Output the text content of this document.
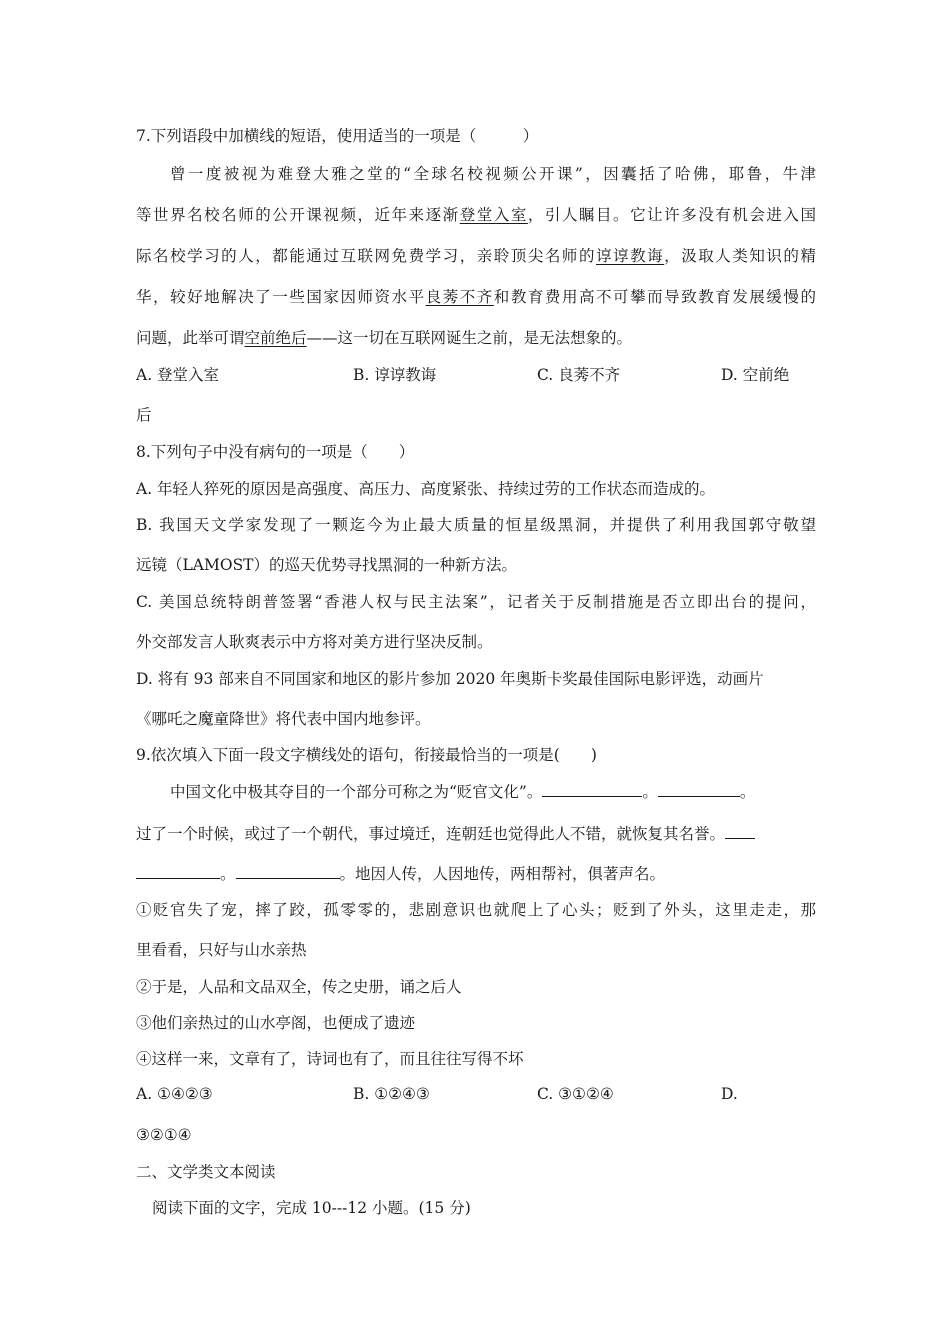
7.下列语段中加横线的短语，使用适当的一项是（　　　）
曾一度被视为难登大雅之堂的“全球名校视频公开课”，因囊括了哈佛，耶鲁，牛津
等世界名校名师的公开课视频，近年来逐渐登堂入室，引人瞩目。它让许多没有机会进入国
际名校学习的人，都能通过互联网免费学习，亲聆顶尖名师的谆谆教诲，汲取人类知识的精
华，较好地解决了一些国家因师资水平良莠不齐和教育费用高不可攀而导致教育发展缓慢的
问题，此举可谓空前绝后——这一切在互联网诞生之前，是无法想象的。
A. 登堂入室	B. 谆谆教诲	C. 良莠不齐	D. 空前绝
后
8.下列句子中没有病句的一项是（　　）
A. 年轻人猝死的原因是高强度、高压力、高度紧张、持续过劳的工作状态而造成的。
B. 我国天文学家发现了一颗迄今为止最大质量的恒星级黑洞，并提供了利用我国郭守敬望
远镜（LAMOST）的巡天优势寻找黑洞的一种新方法。
C. 美国总统特朗普签署“香港人权与民主法案”，记者关于反制措施是否立即出台的提问，
外交部发言人耿爽表示中方将对美方进行坚决反制。
D. 将有 93 部来自不同国家和地区的影片参加 2020 年奥斯卡奖最佳国际电影评选，动画片
《哪吒之魔童降世》将代表中国内地参评。
9.依次填入下面一段文字横线处的语句，衔接最恰当的一项是(　　)
中国文化中极其夺目的一个部分可称之为“贬官文化”。	。	。
过了一个时候，或过了一个朝代，事过境迁，连朝廷也觉得此人不错，就恢复其名誉。
。	。地因人传，人因地传，两相帮衬，俱著声名。
①贬官失了宠，摔了跤，孤零零的，悲剧意识也就爬上了心头；贬到了外头，这里走走，那
里看看，只好与山水亲热
②于是，人品和文品双全，传之史册，诵之后人
③他们亲热过的山水亭阁，也便成了遗迹
④这样一来，文章有了，诗词也有了，而且往往写得不坏
A. ①④②③	B. ①②④③	C. ③①②④	D.
③②①④
二、文学类文本阅读
阅读下面的文字，完成 10---12 小题。(15 分)
